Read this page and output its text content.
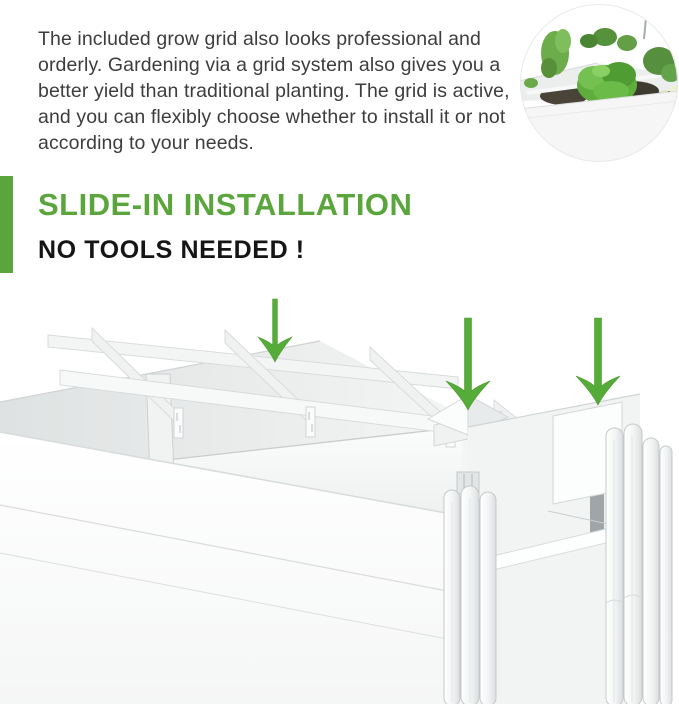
The included grow grid also looks professional and orderly. Gardening via a grid system also gives you a better yield than traditional planting. The grid is active, and you can flexibly choose whether to install it or not according to your needs.
SLIDE-IN INSTALLATION
NO TOOLS NEEDED !
